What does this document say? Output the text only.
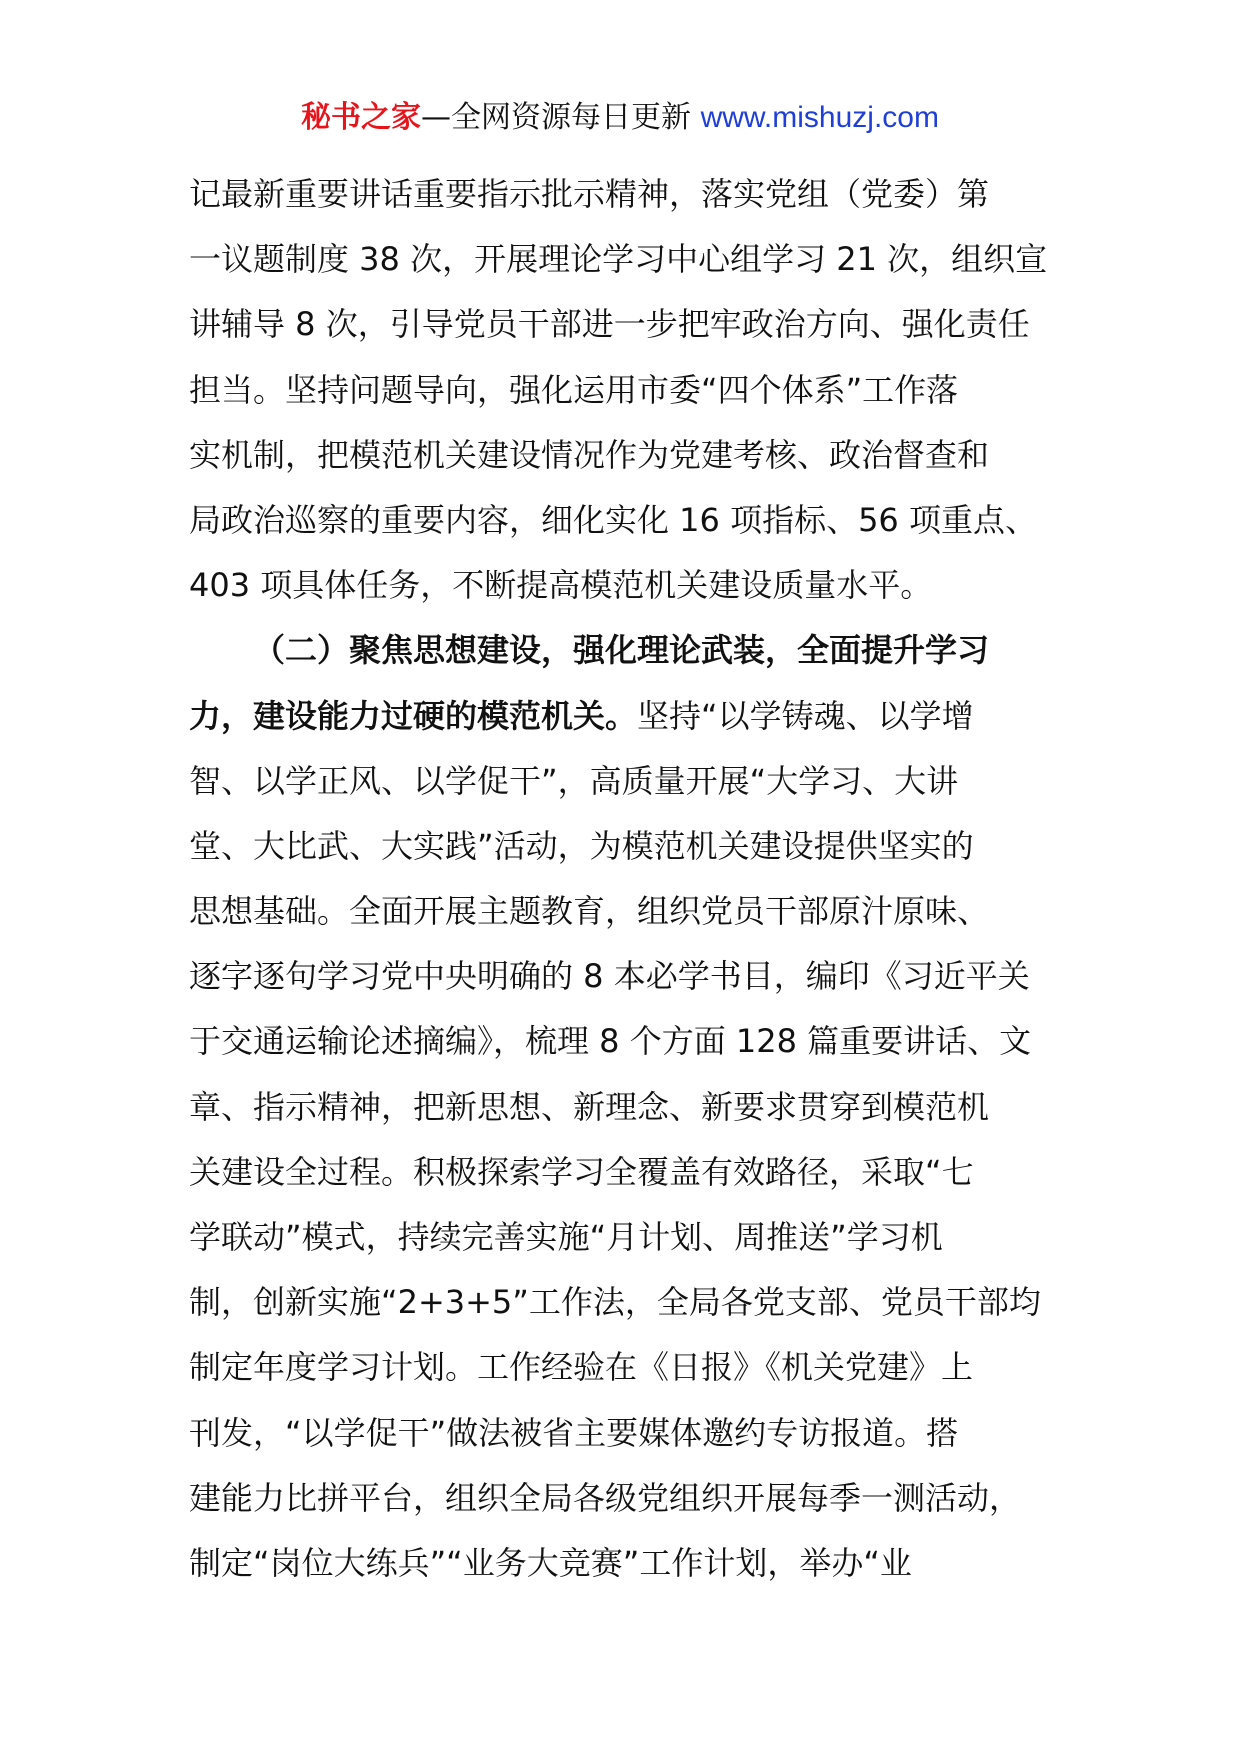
秘书之家—全网资源每日更新 www.mishuzj.com
记最新重要讲话重要指示批示精神，落实党组（党委）第
一议题制度 38 次，开展理论学习中心组学习 21 次，组织宣
讲辅导 8 次，引导党员干部进一步把牢政治方向、强化责任
担当。坚持问题导向，强化运用市委“四个体系”工作落
实机制，把模范机关建设情况作为党建考核、政治督查和
局政治巡察的重要内容，细化实化 16 项指标、56 项重点、
403 项具体任务，不断提高模范机关建设质量水平。
（二）聚焦思想建设，强化理论武装，全面提升学习
力，建设能力过硬的模范机关。坚持“以学铸魂、以学增
智、以学正风、以学促干”，高质量开展“大学习、大讲
堂、大比武、大实践”活动，为模范机关建设提供坚实的
思想基础。全面开展主题教育，组织党员干部原汁原味、
逐字逐句学习党中央明确的 8 本必学书目，编印《习近平关
于交通运输论述摘编》，梳理 8 个方面 128 篇重要讲话、文
章、指示精神，把新思想、新理念、新要求贯穿到模范机
关建设全过程。积极探索学习全覆盖有效路径，采取“七
学联动”模式，持续完善实施“月计划、周推送”学习机
制，创新实施“2+3+5”工作法，全局各党支部、党员干部均
制定年度学习计划。工作经验在《日报》《机关党建》上
刊发，“以学促干”做法被省主要媒体邀约专访报道。搭
建能力比拼平台，组织全局各级党组织开展每季一测活动，
制定“岗位大练兵”“业务大竞赛”工作计划，举办“业
